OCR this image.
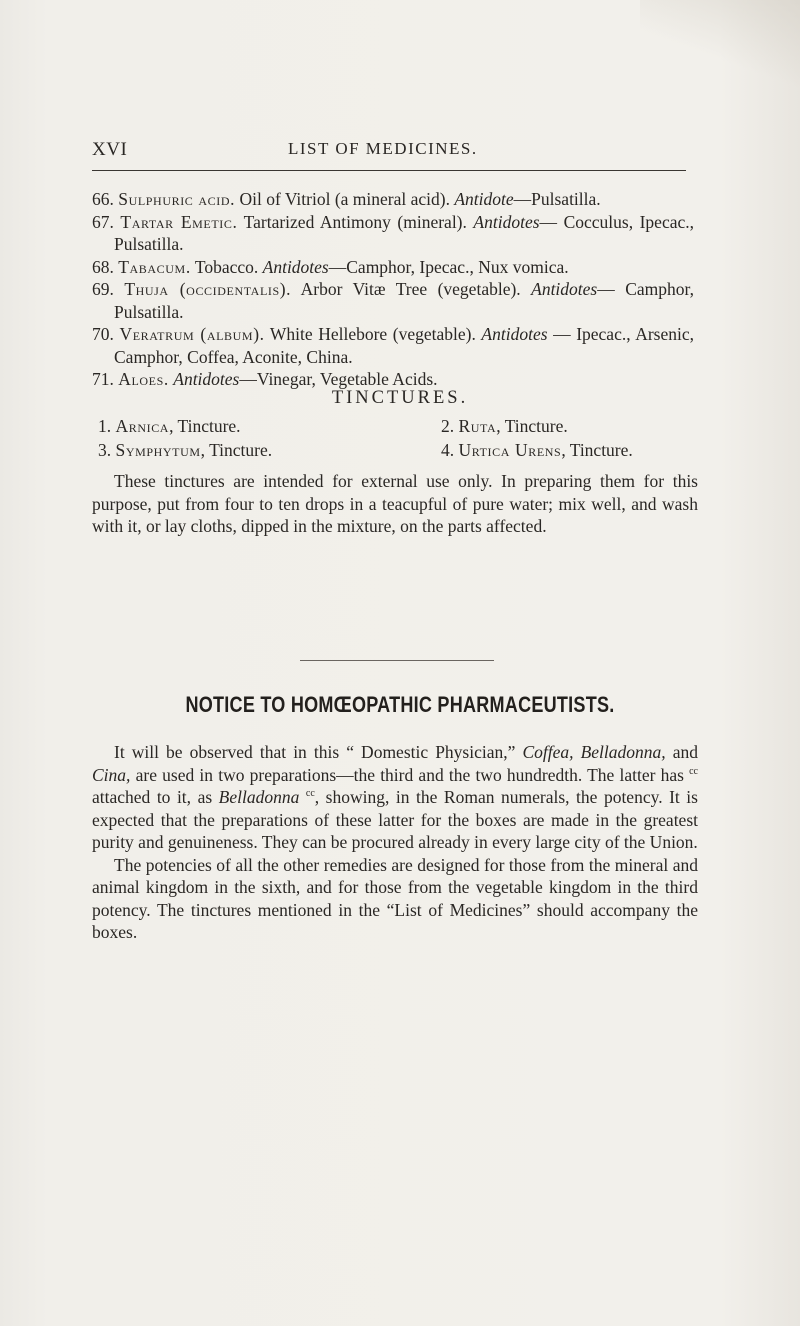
XVI	LIST OF MEDICINES.
66. Sulphuric acid. Oil of Vitriol (a mineral acid). Antidote—Pulsatilla.
67. Tartar Emetic. Tartarized Antimony (mineral). Antidotes— Cocculus, Ipecac., Pulsatilla.
68. Tabacum. Tobacco. Antidotes—Camphor, Ipecac., Nux vomica.
69. Thuja (occidentalis). Arbor Vitæ Tree (vegetable). Antidotes— Camphor, Pulsatilla.
70. Veratrum (album). White Hellebore (vegetable). Antidotes — Ipecac., Arsenic, Camphor, Coffea, Aconite, China.
71. Aloes. Antidotes—Vinegar, Vegetable Acids.
TINCTURES.
1. Arnica, Tincture.	2. Ruta, Tincture.
3. Symphytum, Tincture.	4. Urtica Urens, Tincture.

These tinctures are intended for external use only. In preparing them for this purpose, put from four to ten drops in a teacupful of pure water; mix well, and wash with it, or lay cloths, dipped in the mixture, on the parts affected.

NOTICE TO HOMŒOPATHIC PHARMACEUTISTS.

It will be observed that in this “ Domestic Physician,” Coffea, Belladonna, and Cina, are used in two preparations—the third and the two hundredth. The latter has $^{cc}$ attached to it, as Belladonna $^{cc}$, showing, in the Roman numerals, the potency. It is expected that the preparations of these latter for the boxes are made in the greatest purity and genuineness. They can be procured already in every large city of the Union.

The potencies of all the other remedies are designed for those from the mineral and animal kingdom in the sixth, and for those from the vegetable kingdom in the third potency. The tinctures mentioned in the “List of Medicines” should accompany the boxes.
